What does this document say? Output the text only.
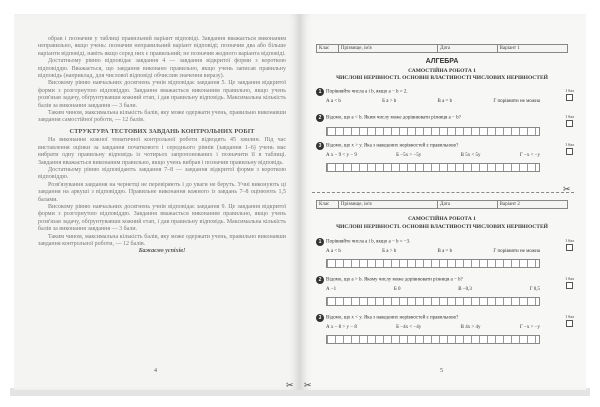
обрав і позначив у таблиці правильний варіант відповіді. Завдання вважається виконаним неправильно, якщо учень: позначив неправильний варіант відповіді; позначив два або більше варіанти відповіді, навіть якщо серед них є правильний; не позначив жодного варіанта відповіді.

Достатньому рівню відповідає завдання 4 — завдання відкритої форми з короткою відповіддю. Вважається, що завдання виконано правильно, якщо учень записав правильну відповідь (наприклад, для числової відповіді обчислив значення виразу).

Високому рівню навчальних досягнень учнів відповідає завдання 5. Це завдання відкритої форми з розгорнутою відповіддю. Завдання вважається виконаним правильно, якщо учень розв'язав задачу, обґрунтувавши кожний етап, і дав правильну відповідь. Максимальна кількість балів за виконання завдання — 3 бали.

Таким чином, максимальна кількість балів, яку може одержати учень, правильно виконавши завдання самостійної роботи, — 12 балів.

СТРУКТУРА ТЕСТОВИХ ЗАВДАНЬ КОНТРОЛЬНИХ РОБІТ

На виконання кожної тематичної контрольної роботи відводять 45 хвилин. Під час виставлення оцінки за завдання початкового і середнього рівнів (завдання 1–6) учень має вибрати одну правильну відповідь із чотирьох запропонованих і позначити її в таблиці. Завдання вважається виконаним правильно, якщо учень вибрав і позначив правильну відповідь.

Достатньому рівню відповідають завдання 7–8 — завдання відкритої форми з короткою відповіддю.

Розв'язування завдання на чернетці не перевіряють і до уваги не беруть. Учні виконують ці завдання на аркуші з відповіддю. Правильне виконання кожного із завдань 7–8 оцінюють 1,5 балами.

Високому рівню навчальних досягнень учнів відповідає завдання 9. Це завдання відкритої форми з розгорнутою відповіддю. Завдання вважається виконаним правильно, якщо учень розв'язав задачу, обґрунтувавши кожний етап, і дав правильну відповідь. Максимальна кількість балів за виконання завдання — 3 бали.

Таким чином, максимальна кількість балів, яку може одержати учень, правильно виконавши завдання контрольної роботи, — 12 балів.

Бажаємо успіхів!

4
✂
Клас	Прізвище, ім'я	Дата	Варіант 1
АЛГЕБРА
САМОСТІЙНА РОБОТА 1
ЧИСЛОВІ НЕРІВНОСТІ. ОСНОВНІ ВЛАСТИВОСТІ ЧИСЛОВИХ НЕРІВНОСТЕЙ
1 Порівняйте числа a і b, якщо a − b = 2.
А a < b	Б a > b	В a = b	Г порівняти не можна
1 бал
2 Відомо, що a < b. Яким числу може дорівнювати різниця a − b?	1 бал
3 Відомо, що x > y. Яка з наведених нерівностей є правильною?
А x − 9 < y − 9	Б −5x > −5y	В 5x < 5y	Г −x < −y
1 бал
✂
Клас	Прізвище, ім'я	Дата	Варіант 2
САМОСТІЙНА РОБОТА 1
ЧИСЛОВІ НЕРІВНОСТІ. ОСНОВНІ ВЛАСТИВОСТІ ЧИСЛОВИХ НЕРІВНОСТЕЙ
1 Порівняйте числа a і b, якщо a − b = −3.
А a < b	Б a > b	В a = b	Г порівняти не можна
1 бал
2 Відомо, що a > b. Якому числу може дорівнювати різниця a − b?
А −1	Б 0	В −0,3	Г 0,5
1 бал
3 Відомо, що x < y. Яка з наведених нерівностей є правильною?
А x − 8 > y − 8	Б −4x < −4y	В 4x > 4y	Г −x > −y
1 бал
5
✂
